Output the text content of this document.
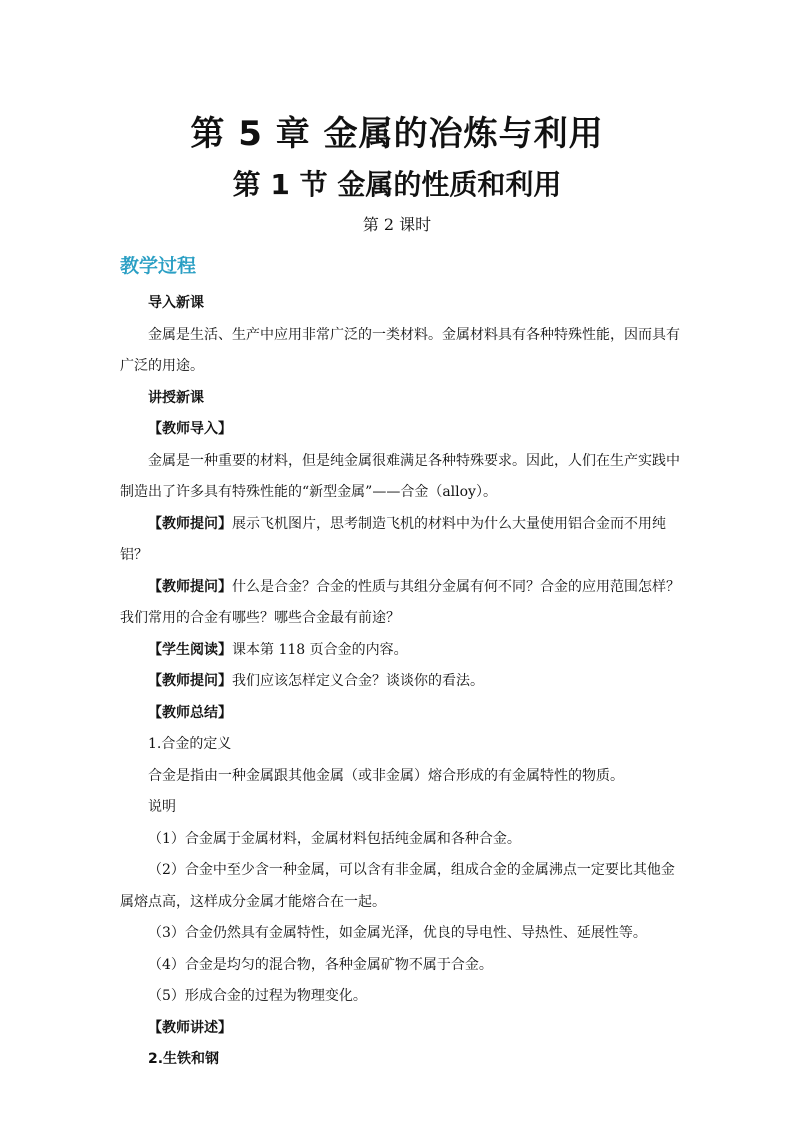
第 5 章 金属的冶炼与利用
第 1 节 金属的性质和利用
第 2 课时
教学过程

导入新课

金属是生活、生产中应用非常广泛的一类材料。金属材料具有各种特殊性能，因而具有

广泛的用途。

讲授新课

【教师导入】

金属是一种重要的材料，但是纯金属很难满足各种特殊要求。因此，人们在生产实践中

制造出了许多具有特殊性能的“新型金属”——合金（alloy）。

【教师提问】展示飞机图片，思考制造飞机的材料中为什么大量使用铝合金而不用纯铝？

【教师提问】什么是合金？合金的性质与其组分金属有何不同？合金的应用范围怎样？

我们常用的合金有哪些？哪些合金最有前途？

【学生阅读】课本第 118 页合金的内容。

【教师提问】我们应该怎样定义合金？谈谈你的看法。

【教师总结】

1.合金的定义

合金是指由一种金属跟其他金属（或非金属）熔合形成的有金属特性的物质。

说明

（1）合金属于金属材料，金属材料包括纯金属和各种合金。

（2）合金中至少含一种金属，可以含有非金属，组成合金的金属沸点一定要比其他金

属熔点高，这样成分金属才能熔合在一起。

（3）合金仍然具有金属特性，如金属光泽，优良的导电性、导热性、延展性等。

（4）合金是均匀的混合物，各种金属矿物不属于合金。

（5）形成合金的过程为物理变化。

【教师讲述】

2.生铁和钢
